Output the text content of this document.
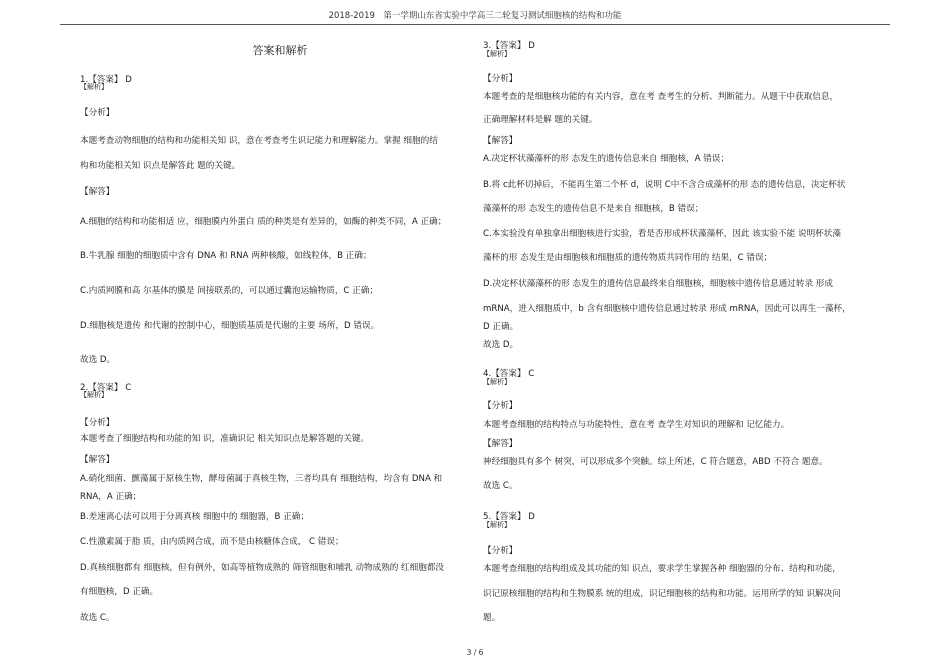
2018-2019　第一学期山东省实验中学高三二轮复习测试细胞核的结构和功能
答案和解析
1.【答案】 D
【解析】
【分析】
本题考查动物细胞的结构和功能相关知 识，意在考查考生识记能力和理解能力。掌握 细胞的结
构和功能相关知 识点是解答此 题的关键。
【解答】
A.细胞的结构和功能相适 应，细胞膜内外蛋白 质的种类是有差异的，如酶的种类不同，A 正确；
B.牛乳腺 细胞的细胞质中含有 DNA 和 RNA 两种核酸，如线粒体，B 正确；
C.内质网膜和高 尔基体的膜是 间接联系的，可以通过囊泡运输物质，C 正确；
D.细胞核是遗传 和代谢的控制中心，细胞质基质是代谢的主要 场所，D 错误。
故选 D。
2.【答案】 C
【解析】
【分析】
本题考查了细胞结构和功能的知 识，准确识记 相关知识点是解答题的关键。
【解答】
A.硝化细菌、颤藻属于原核生物，酵母菌属于真核生物，三者均具有 细胞结构，均含有 DNA 和
RNA，A 正确；
B.差速离心法可以用于分离真核 细胞中的 细胞器，B 正确；
C.性激素属于脂 质，由内质网合成，而不是由核糖体合成， C 错误；
D.真核细胞都有 细胞核，但有例外，如高等植物成熟的 筛管细胞和哺乳 动物成熟的 红细胞都没
有细胞核，D 正确。
故选 C。
3.【答案】 D
【解析】
【分析】
本题考查的是细胞核功能的有关内容，意在考 查考生的分析、判断能力。从题干中获取信息，
正确理解材料是解 题的关键。
【解答】
A.决定杯状藻藻杯的形 态发生的遗传信息来自 细胞核，A 错误；
B.将 c此杯切掉后，不能再生第二个杯 d，说明 C中不含合成藻杯的形 态的遗传信息，决定杯状
藻藻杯的形 态发生的遗传信息不是来自 细胞核，B 错误；
C.本实验没有单独拿出细胞核进行实验，看是否形成杯状藻藻杯，因此 该实验不能 说明杯状藻
藻杯的形 态发生是由细胞核和细胞质的遗传物质共同作用的 结果，C 错误；
D.决定杯状藻藻杯的形 态发生的遗传信息最终来自细胞核，细胞核中遗传信息通过转录 形成
mRNA，进入细胞质中，b 含有细胞核中遗传信息通过转录 形成 mRNA，因此可以再生一藻杯，
D 正确。
故选 D。
4.【答案】 C
【解析】
【分析】
本题考查细胞的结构特点与功能特性，意在考 查学生对知识的理解和 记忆能力。
【解答】
神经细胞具有多个 树突，可以形成多个突触。综上所述，C 符合题意，ABD 不符合 题意。
故选 C。
5.【答案】 D
【解析】
【分析】
本题考查细胞的结构组成及其功能的知 识点，要求学生掌握各种 细胞器的分布、结构和功能，
识记原核细胞的结构和生物膜系 统的组成，识记细胞核的结构和功能。运用所学的知 识解决问
题。
3 / 6
